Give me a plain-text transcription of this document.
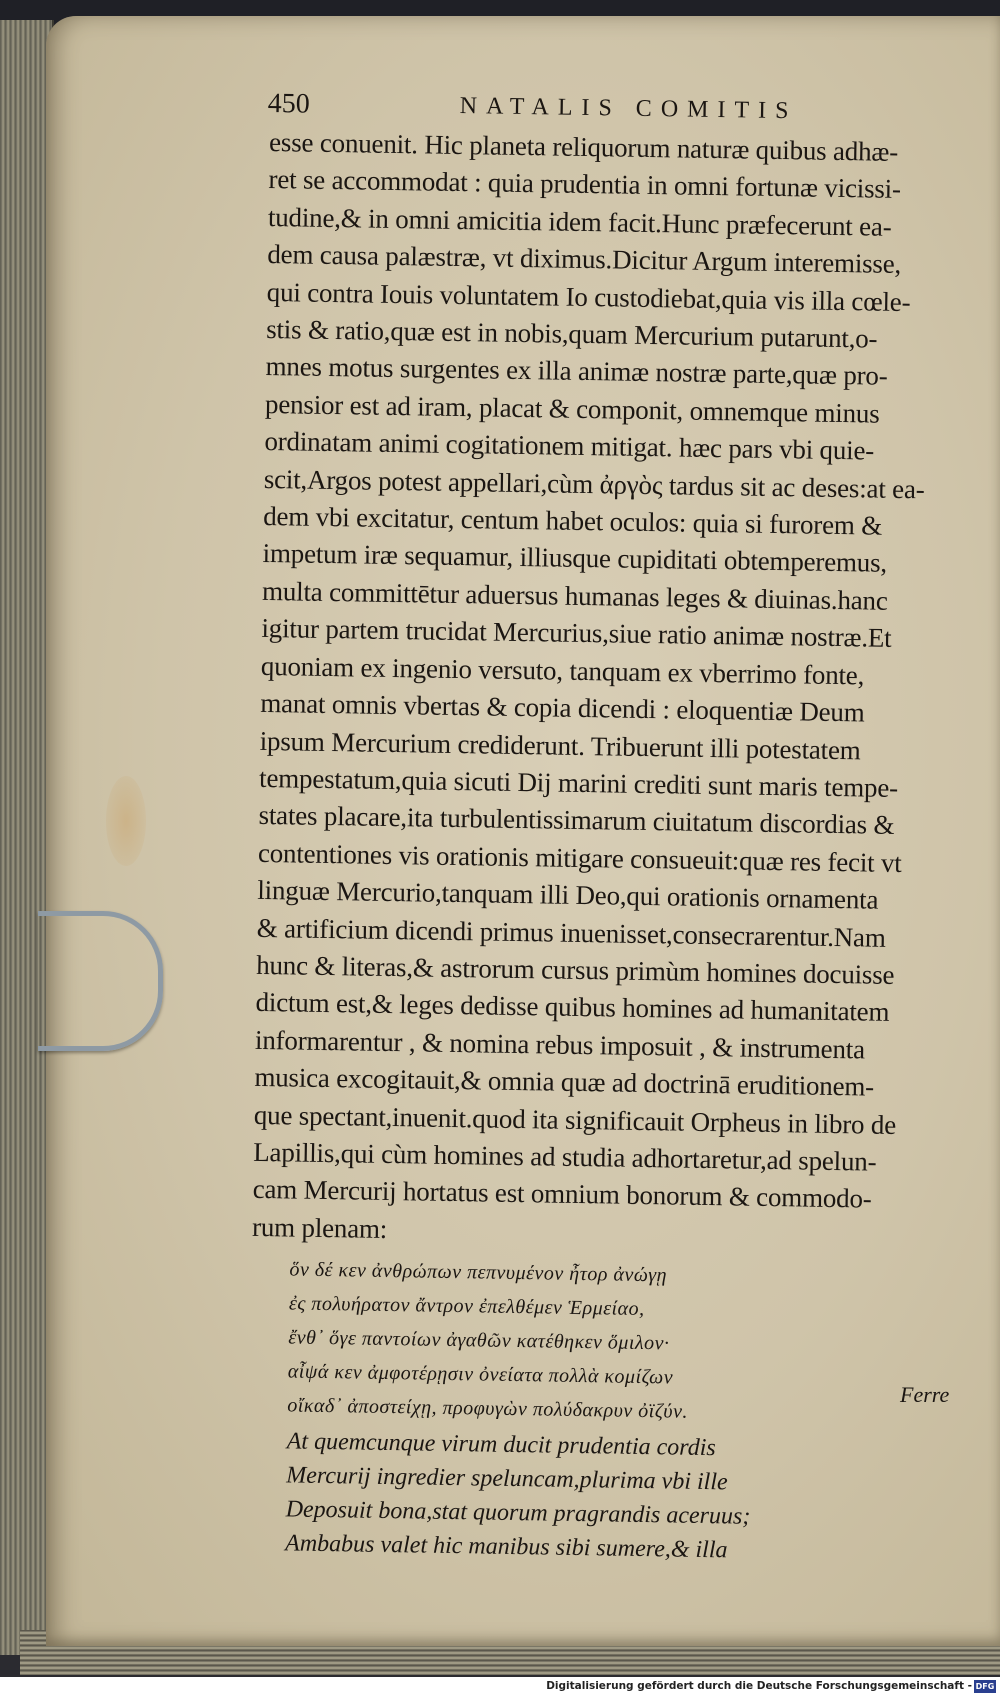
450	NATALIS COMITIS
esse conuenit. Hic planeta reliquorum naturæ quibus adhæ-
ret se accommodat : quia prudentia in omni fortunæ vicissi-
tudine,& in omni amicitia idem facit.Hunc præfecerunt ea-
dem causa palæstræ, vt diximus.Dicitur Argum interemisse,
qui contra Iouis voluntatem Io custodiebat,quia vis illa cœle-
stis & ratio,quæ est in nobis,quam Mercurium putarunt,o-
mnes motus surgentes ex illa animæ nostræ parte,quæ pro-
pensior est ad iram, placat & componit, omnemque minus
ordinatam animi cogitationem mitigat. hæc pars vbi quie-
scit,Argos potest appellari,cùm ἀργὸς tardus sit ac deses:at ea-
dem vbi excitatur, centum habet oculos: quia si furorem &
impetum iræ sequamur, illiusque cupiditati obtemperemus,
multa committētur aduersus humanas leges & diuinas.hanc
igitur partem trucidat Mercurius,siue ratio animæ nostræ.Et
quoniam ex ingenio versuto, tanquam ex vberrimo fonte,
manat omnis vbertas & copia dicendi : eloquentiæ Deum
ipsum Mercurium crediderunt. Tribuerunt illi potestatem
tempestatum,quia sicuti Dij marini crediti sunt maris tempe-
states placare,ita turbulentissimarum ciuitatum discordias &
contentiones vis orationis mitigare consueuit:quæ res fecit vt
linguæ Mercurio,tanquam illi Deo,qui orationis ornamenta
& artificium dicendi primus inuenisset,consecrarentur.Nam
hunc & literas,& astrorum cursus primùm homines docuisse
dictum est,& leges dedisse quibus homines ad humanitatem
informarentur , & nomina rebus imposuit , & instrumenta
musica excogitauit,& omnia quæ ad doctrinā eruditionem-
que spectant,inuenit.quod ita significauit Orpheus in libro de
Lapillis,qui cùm homines ad studia adhortaretur,ad spelun-
cam Mercurij hortatus est omnium bonorum & commodo-
rum plenam:
ὅν δέ κεν ἀνθρώπων πεπνυμένον ἦτορ ἀνώγῃ
ἐς πολυήρατον ἄντρον ἐπελθέμεν Ἑρμείαο,
ἔνθ᾽ ὅγε παντοίων ἀγαθῶν κατέθηκεν ὅμιλον·
αἶψά κεν ἀμφοτέρῃσιν ὀνείατα πολλὰ κομίζων
οἴκαδ᾽ ἀποστείχῃ, προφυγὼν πολύδακρυν ὀϊζύν.
At quemcunque virum ducit prudentia cordis
Mercurij ingredier speluncam,plurima vbi ille
Deposuit bona,stat quorum pragrandis aceruus;
Ambabus valet hic manibus sibi sumere,& illa
Ferre
Digitalisierung gefördert durch die Deutsche Forschungsgemeinschaft - DFG
